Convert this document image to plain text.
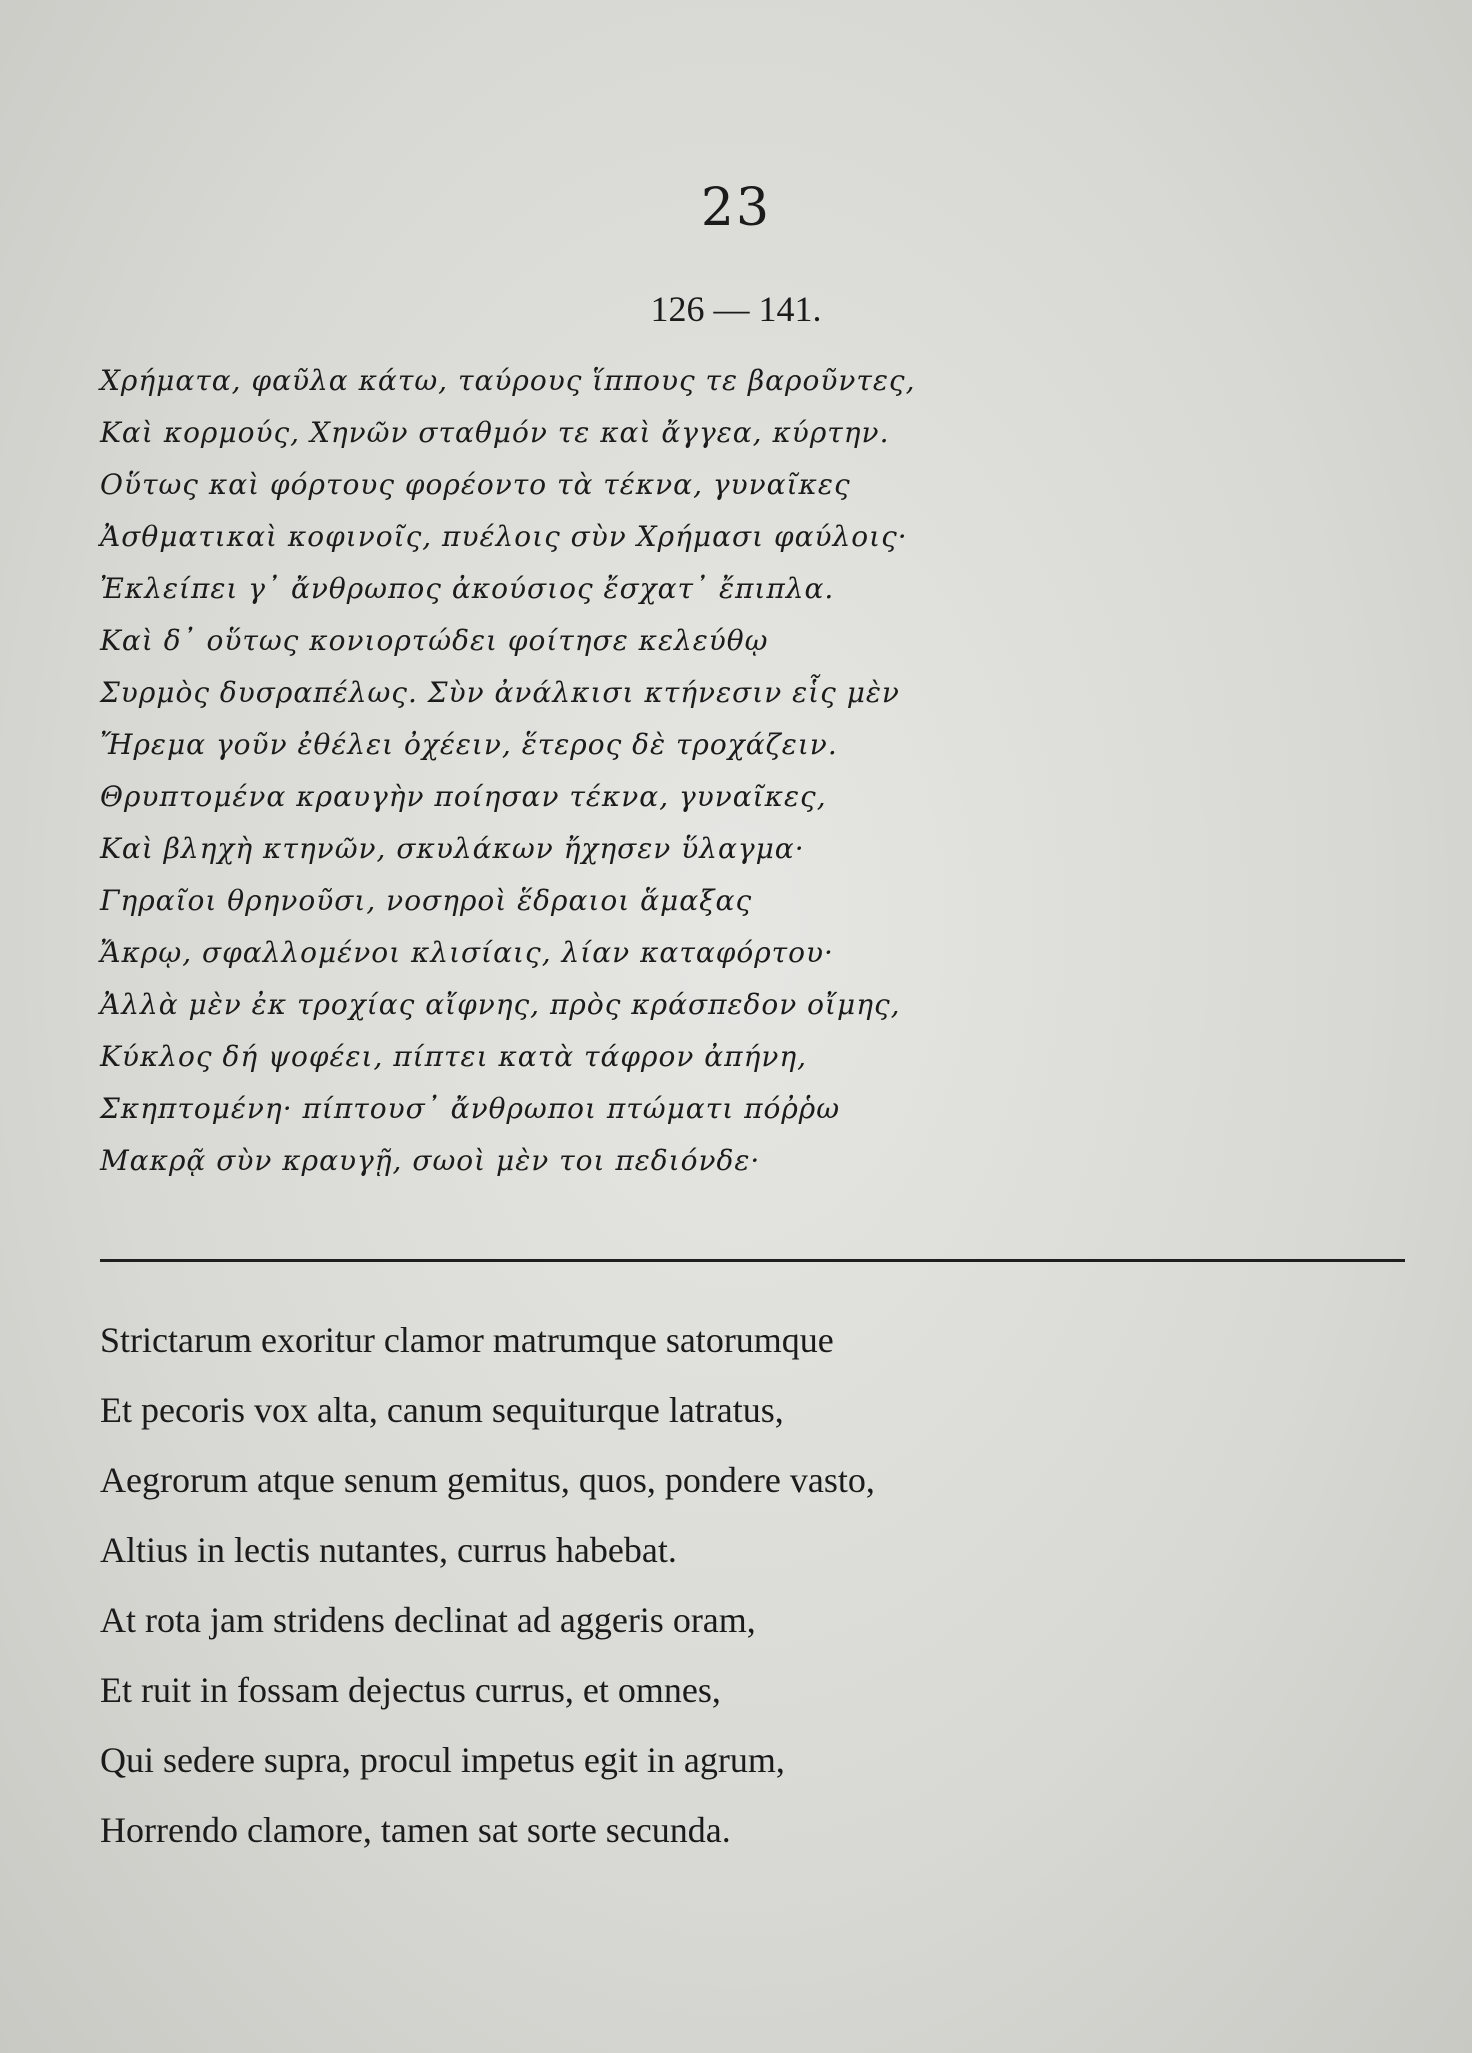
23
126 — 141.
Χρήματα, φαῦλα κάτω, ταύρους ἵππους τε βαροῦντες,
Καὶ κορμούς, Χηνῶν σταθμόν τε καὶ ἄγγεα, κύρτην.
Οὕτως καὶ φόρτους φορέοντο τὰ τέκνα, γυναῖκες
Ἀσθματικαὶ κοφινοῖς, πυέλοις σὺν Χρήμασι φαύλοις·
Ἐκλείπει γ᾽ ἄνθρωπος ἀκούσιος ἔσχατ᾽ ἔπιπλα.
Καὶ δ᾽ οὕτως κονιορτώδει φοίτησε κελεύθῳ
Συρμὸς δυσραπέλως. Σὺν ἀνάλκισι κτήνεσιν εἷς μὲν
Ἤρεμα γοῦν ἐθέλει ὀχέειν, ἕτερος δὲ τροχάζειν.
Θρυπτομένα κραυγὴν ποίησαν τέκνα, γυναῖκες,
Καὶ βληχὴ κτηνῶν, σκυλάκων ἤχησεν ὕλαγμα·
Γηραῖοι θρηνοῦσι, νοσηροὶ ἕδραιοι ἅμαξας
Ἄκρῳ, σφαλλομένοι κλισίαις, λίαν καταφόρτου·
Ἀλλὰ μὲν ἐκ τροχίας αἴφνης, πρὸς κράσπεδον οἴμης,
Κύκλος δή ψοφέει, πίπτει κατὰ τάφρον ἀπήνη,
Σκηπτομένη· πίπτουσ᾽ ἄνθρωποι πτώματι πόῤῥω
Μακρᾷ σὺν κραυγῇ, σωοὶ μὲν τοι πεδιόνδε·
Strictarum exoritur clamor matrumque satorumque
Et pecoris vox alta, canum sequiturque latratus,
Aegrorum atque senum gemitus, quos, pondere vasto,
Altius in lectis nutantes, currus habebat.
At rota jam stridens declinat ad aggeris oram,
Et ruit in fossam dejectus currus, et omnes,
Qui sedere supra, procul impetus egit in agrum,
Horrendo clamore, tamen sat sorte secunda.
